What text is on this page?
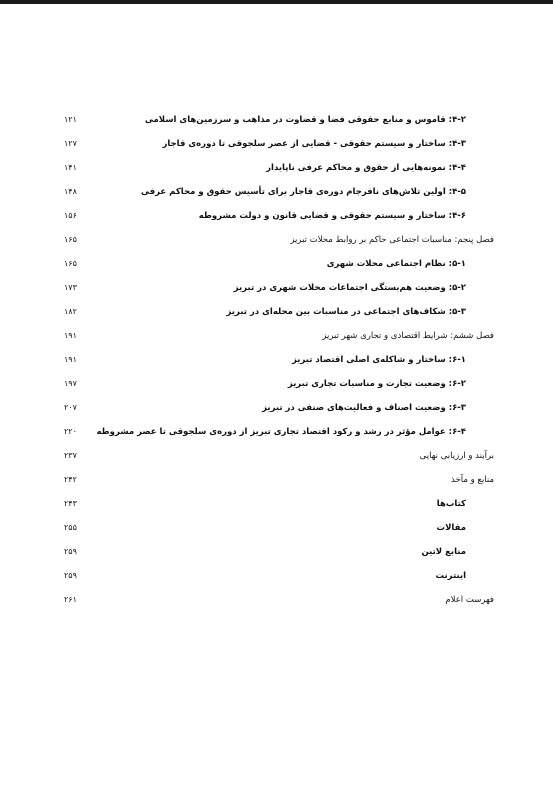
۴-۲: قاموس و منابع حقوقی فضا و قضاوت در مذاهب و سرزمین‌های اسلامی
۱۲۱
۴-۳: ساختار و سیستم حقوقی - قضایی از عصر سلجوقی تا دوره‌ی قاجار
۱۲۷
۴-۴: نمونه‌هایی از حقوق و محاکم عرفی ناپایدار
۱۴۱
۴-۵: اولین تلاش‌های نافرجام دوره‌ی قاجار برای تأسیس حقوق و محاکم عرفی
۱۴۸
۴-۶: ساختار و سیستم حقوقی و قضایی قانون و دولت مشروطه
۱۵۶
فصل پنجم: مناسبات اجتماعی حاکم بر روابط محلات تبریز
۱۶۵
۵-۱: نظام اجتماعی محلات شهری
۱۶۵
۵-۲: وضعیت هم‌بستگی اجتماعات محلات شهری در تبریز
۱۷۳
۵-۳: شکاف‌های اجتماعی در مناسبات بین محله‌ای در تبریز
۱۸۲
فصل ششم: شرایط اقتصادی و تجاری شهر تبریز
۱۹۱
۶-۱: ساختار و شاکله‌ی اصلی اقتصاد تبریز
۱۹۱
۶-۲: وضعیت تجارت و مناسبات تجاری تبریز
۱۹۷
۶-۳: وضعیت اصناف و فعالیت‌های صنفی در تبریز
۲۰۷
۶-۴: عوامل مؤثر در رشد و رکود اقتصاد تجاری تبریز از دوره‌ی سلجوقی تا عصر مشروطه
۲۲۰
برآیند و ارزیابی نهایی
۲۳۷
منابع و مآخذ
۲۴۲
کتاب‌ها
۲۴۳
مقالات
۲۵۵
منابع لاتین
۲۵۹
اینترنت
۲۵۹
فهرست اعلام
۲۶۱
